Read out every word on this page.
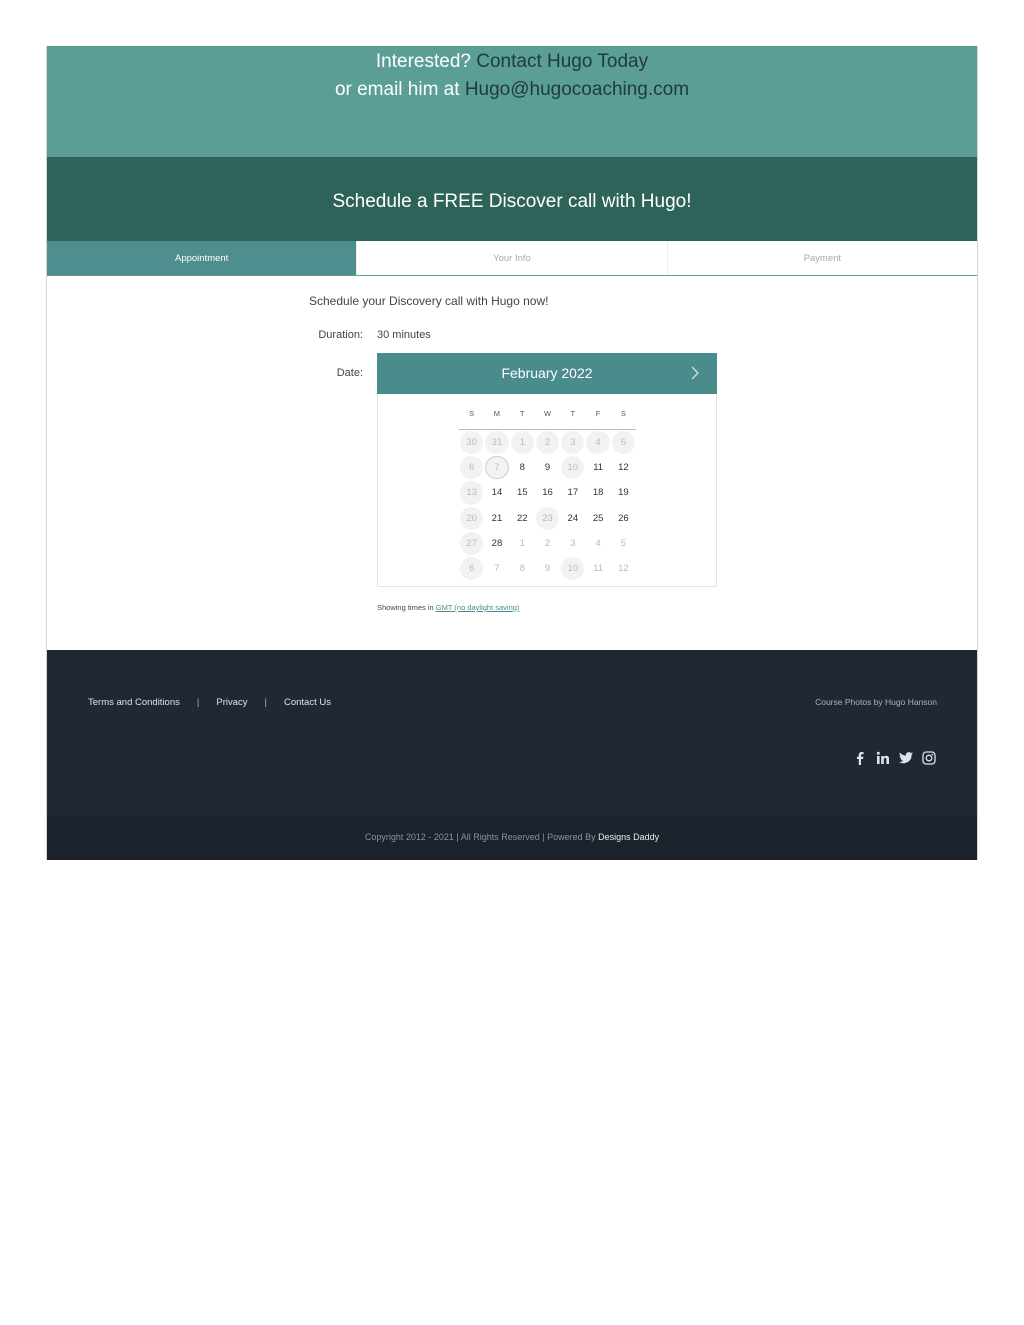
Interested? Contact Hugo Today
or email him at Hugo@hugocoaching.com
Schedule a FREE Discover call with Hugo!
Appointment	Your Info	Payment
Schedule your Discovery call with Hugo now!
Duration: 30 minutes
Date:	February 2022
S	M	T	W	T	F	S
30	31	1	2	3	4	5
6	7	8	9	10	11	12
13	14	15	16	17	18	19
20	21	22	23	24	25	26
27	28	1	2	3	4	5
6	7	8	9	10	11	12
Showing times in GMT (no daylight saving)
Terms and Conditions | Privacy | Contact Us	Course Photos by Hugo Hanson
Copyright 2012 - 2021 | All Rights Reserved | Powered By Designs Daddy
